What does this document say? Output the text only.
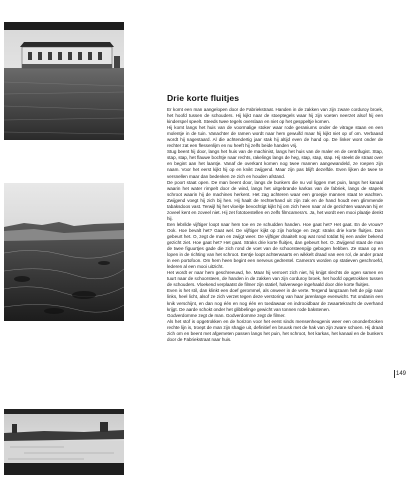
Drie korte fluitjes

Er komt een man aangelopen door de Fabriekstraat. Handen in de zakken van zijn zware corduroy broek, het hoofd tussen de schouders. Hij kijkt naar de stoeptegels waar hij zijn voeten neerzet alsof hij een kinderspel speelt. Steeds twee tegels overslaan en niet op het gesppeltje komen.

Hij komt langs het huis van de voormalige stoker waar rode geraniums onder de vitrage staan en een molentje in de tuin. Vanachter de ramen wordt naar hem gewuifd maar hij kijkt niet op of om. Verbaasd wordt hij nagestaard. Al die achtendertig jaar stak hij altijd even de hand op. De linker wont onder de rechter zat een flessenlijm en nu heeft hij zelfs beide handen vrij.

Stug beent hij door, langs het huis van de machinist, langs het huis van de maler en de centrifugist. Stap, stap, stap, het flauwe bochtje naar rechts, rakelings langs de heg, stap, stap, stap. Hij steekt de straat over en begint aan het laantje. Vanaf de overkant komen nog twee mannen aangewandeld, ze roepen zijn naam. Voor het eerst kijkt hij op en knikt zwijgend. Maar zijn pas blijft dezelfde. Even lijken de twee te versnellen maar dan bedenken ze zich en houden afstand.

De poort staat open. De man beent door, langs de bunkers die nu vol liggen met puin, langs het kanaal waarin het water rimpelt door de wind, langs het uitgebrande karkas van de fabriek, langs de stapels schroot waarin hij de machines herkent. Het zag achteren waar een groepje mannen staat te wachten. Zwijgend voegt hij zich bij hen. Hij haalt de rechterhand uit zijn zak en de hand houdt een glimmende tabaksdoos vast. Terwijl hij het vloeitje bevochtigt kijkt hij om zich heen naar al de gezichten waarvan hij er zoveel kent en zoveel niet. Hij zet fototoestellen en zelfs filmcamera's. Ja, het wordt een mooi plaatje denkt hij.

Een lebrilde vijftiger loopt naar hem toe en ze schudden handen. Hoe gaat het? Het gaat. En de vrouw? Ook. Hoe bevalt het? Gaat wel. De vijftiger kijkt op zijn horloge en zegt: straks drie korte fluitjes. Dan gebeurt het. O, zegt de man en zwijgt weer. De vijftiger draaitelt nog wat rond totdat hij een ander bekend gezicht ziet. Hoe gaat het? Het gaat. Straks drie korte fluitjes, dan gebeurt het. O. Zwijgend staat de man de twee figuurtjes gade die zich rond de voet van de schoorsteenpijp gebogen hebben. Ze staan op en lopen in de richting van het schroot. Eentje loopt achterwaarts en wikkelt draad van een rol, de ander praat in een portofoon. Om hem heen begint een nerveus gedrentel. Camera's worden op statieven geschroefd, lederen al een mooi uitzicht.

Het wordt er naar hem geschreeuwd, he. Maar hij verroert zich niet, hij knijpt slechts de ogen samen en tuurt naar de schoorsteen, de handen in de zakken van zijn corduroy broek, het hoofd opgetrokken tussen de schouders. Vloekend verplaatst de filmer zijn statief, halverwege ingehaald door drie korte fluitjes.

Even is het stil, dan klinkt een doef gerommel, als onweer in de verte. Tergend langzaam helt de pijp naar links, heel licht, alsof ze zich verzet tegen deze verstoring van haar jarenlange evenwicht. Tot ondanin een knik verschijnt, en dan nog één en nog één en toedawaar en indrooidbaar de zwaartekracht de overhand krijgt. De aarde schokt onder het glibbelinge gewicht van tonnen rode bakstenen.

Godverdomme zegt de man. Godverdomme zegt de filmer.

Als het stof is opgetrokken en de horizon voor het eerst sinds mensenheugenis weer een ononderbroken rechte lijn is, troept de man zijn shagje uit, definitief en bruusk met de hak van zijn zware schoen. Hij draait zich om en beent met afgemeten passen langs het puin, het schroot, het karkas, het kanaal en de bunkers door de Fabriekstraat naar huis.

149
